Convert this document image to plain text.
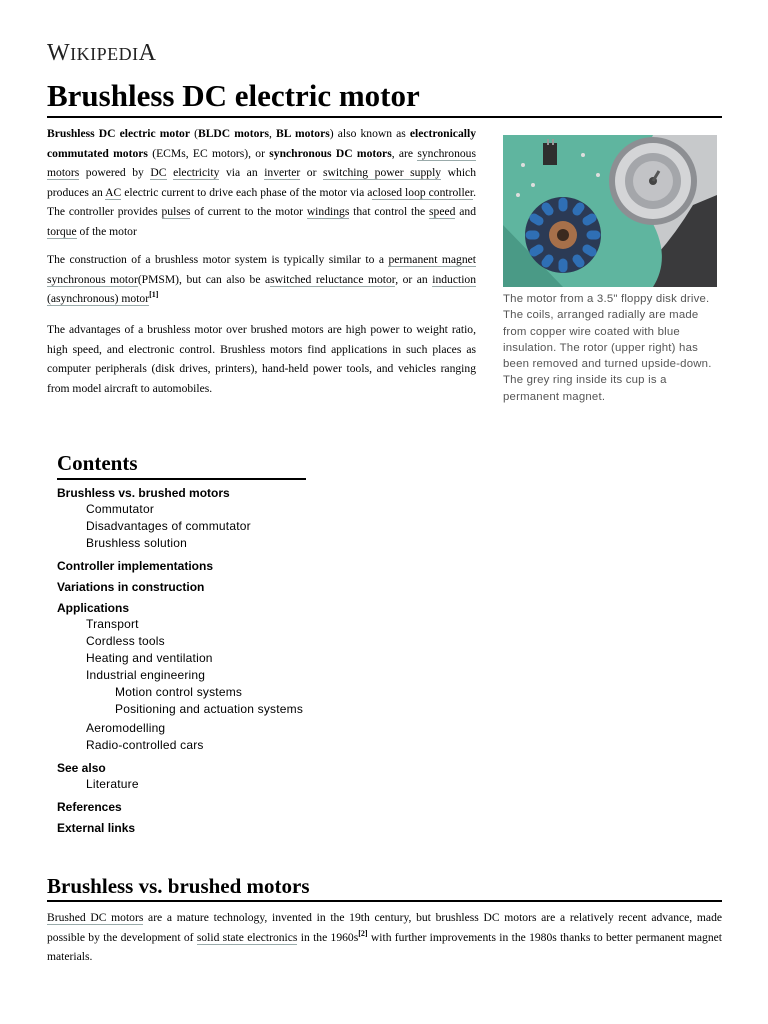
WIKIPEDIA
Brushless DC electric motor

Brushless DC electric motor (BLDC motors, BL motors) also known as electronically commutated motors (ECMs, EC motors), or synchronous DC motors, are synchronous motors powered by DC electricity via an inverter or switching power supply which produces an AC electric current to drive each phase of the motor via aclosed loop controller. The controller provides pulses of current to the motor windings that control the speed and torque of the motor

The construction of a brushless motor system is typically similar to a permanent magnet synchronous motor(PMSM), but can also be aswitched reluctance motor, or an induction (asynchronous) motor[1]

The advantages of a brushless motor over brushed motors are high power to weight ratio, high speed, and electronic control. Brushless motors find applications in such places as computer peripherals (disk drives, printers), hand-held power tools, and vehicles ranging from model aircraft to automobiles.

The motor from a 3.5" floppy disk drive. The coils, arranged radially are made from copper wire coated with blue insulation. The rotor (upper right) has been removed and turned upside-down. The grey ring inside its cup is a permanent magnet.
Contents
Brushless vs. brushed motors
Commutator
Disadvantages of commutator
Brushless solution
Controller implementations
Variations in construction
Applications
Transport
Cordless tools
Heating and ventilation
Industrial engineering
Motion control systems
Positioning and actuation systems
Aeromodelling
Radio-controlled cars
See also
Literature
References
External links
Brushless vs. brushed motors

Brushed DC motors are a mature technology, invented in the 19th century, but brushless DC motors are a relatively recent advance, made possible by the development of solid state electronics in the 1960s[2] with further improvements in the 1980s thanks to better permanent magnet materials.
